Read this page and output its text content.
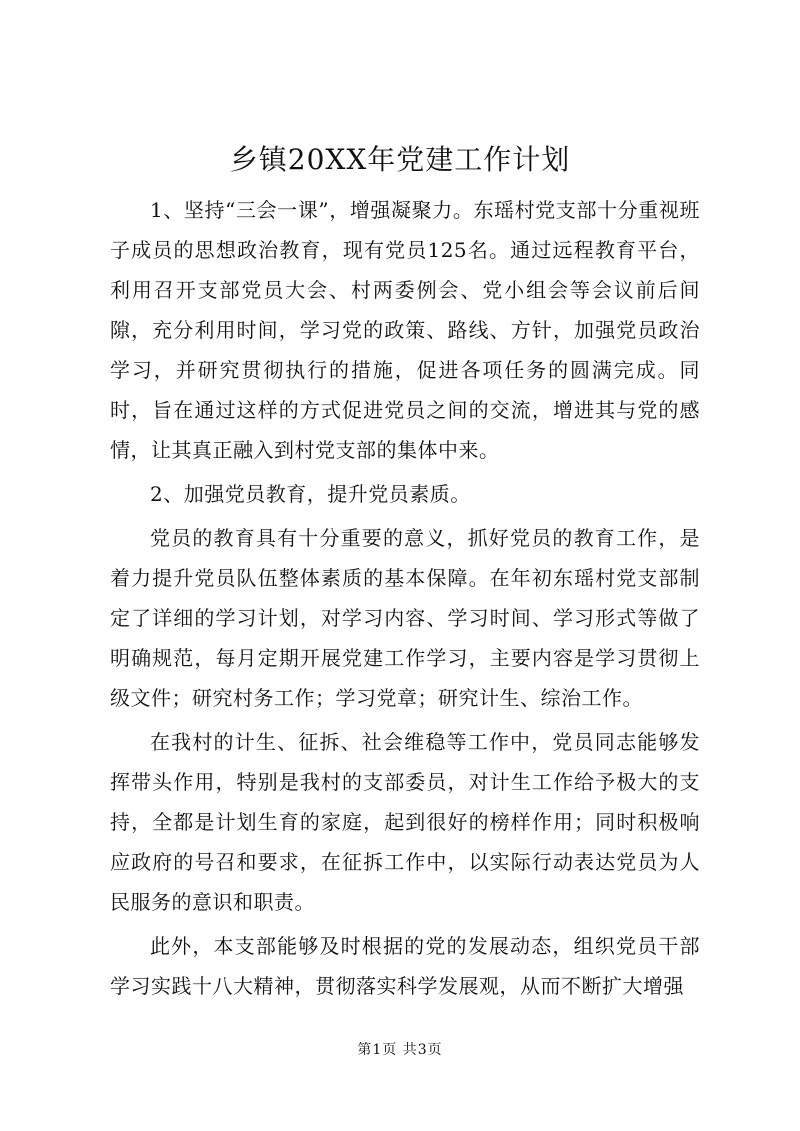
乡镇20XX年党建工作计划

1、坚持“三会一课”，增强凝聚力。东瑶村党支部十分重视班子成员的思想政治教育，现有党员125名。通过远程教育平台，利用召开支部党员大会、村两委例会、党小组会等会议前后间隙，充分利用时间，学习党的政策、路线、方针，加强党员政治学习，并研究贯彻执行的措施，促进各项任务的圆满完成。同时，旨在通过这样的方式促进党员之间的交流，增进其与党的感情，让其真正融入到村党支部的集体中来。

2、加强党员教育，提升党员素质。

党员的教育具有十分重要的意义，抓好党员的教育工作，是着力提升党员队伍整体素质的基本保障。在年初东瑶村党支部制定了详细的学习计划，对学习内容、学习时间、学习形式等做了明确规范，每月定期开展党建工作学习，主要内容是学习贯彻上级文件；研究村务工作；学习党章；研究计生、综治工作。

在我村的计生、征拆、社会维稳等工作中，党员同志能够发挥带头作用，特别是我村的支部委员，对计生工作给予极大的支持，全都是计划生育的家庭，起到很好的榜样作用；同时积极响应政府的号召和要求，在征拆工作中，以实际行动表达党员为人民服务的意识和职责。

此外，本支部能够及时根据的党的发展动态，组织党员干部学习实践十八大精神，贯彻落实科学发展观，从而不断扩大增强

第1页 共3页
